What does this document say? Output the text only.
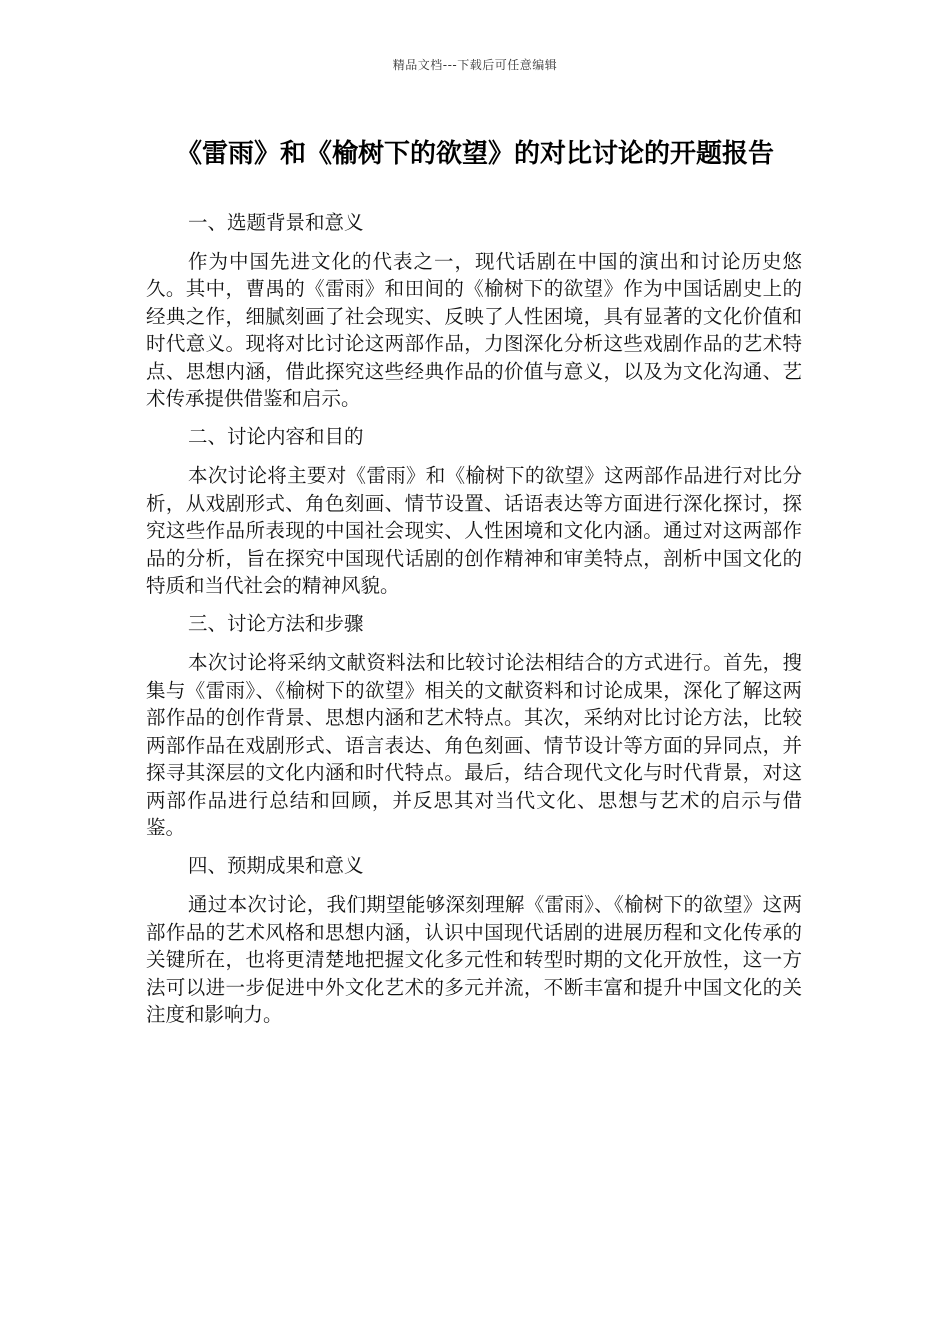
精品文档---下载后可任意编辑
《雷雨》和《榆树下的欲望》的对比讨论的开题报告

一、选题背景和意义

作为中国先进文化的代表之一，现代话剧在中国的演出和讨论历史悠久。其中，曹禺的《雷雨》和田间的《榆树下的欲望》作为中国话剧史上的经典之作，细腻刻画了社会现实、反映了人性困境，具有显著的文化价值和时代意义。现将对比讨论这两部作品，力图深化分析这些戏剧作品的艺术特点、思想内涵，借此探究这些经典作品的价值与意义，以及为文化沟通、艺术传承提供借鉴和启示。

二、讨论内容和目的

本次讨论将主要对《雷雨》和《榆树下的欲望》这两部作品进行对比分析，从戏剧形式、角色刻画、情节设置、话语表达等方面进行深化探讨，探究这些作品所表现的中国社会现实、人性困境和文化内涵。通过对这两部作品的分析，旨在探究中国现代话剧的创作精神和审美特点，剖析中国文化的特质和当代社会的精神风貌。

三、讨论方法和步骤

本次讨论将采纳文献资料法和比较讨论法相结合的方式进行。首先，搜集与《雷雨》、《榆树下的欲望》相关的文献资料和讨论成果，深化了解这两部作品的创作背景、思想内涵和艺术特点。其次，采纳对比讨论方法，比较两部作品在戏剧形式、语言表达、角色刻画、情节设计等方面的异同点，并探寻其深层的文化内涵和时代特点。最后，结合现代文化与时代背景，对这两部作品进行总结和回顾，并反思其对当代文化、思想与艺术的启示与借鉴。

四、预期成果和意义

通过本次讨论，我们期望能够深刻理解《雷雨》、《榆树下的欲望》这两部作品的艺术风格和思想内涵，认识中国现代话剧的进展历程和文化传承的关键所在，也将更清楚地把握文化多元性和转型时期的文化开放性，这一方法可以进一步促进中外文化艺术的多元并流，不断丰富和提升中国文化的关注度和影响力。
